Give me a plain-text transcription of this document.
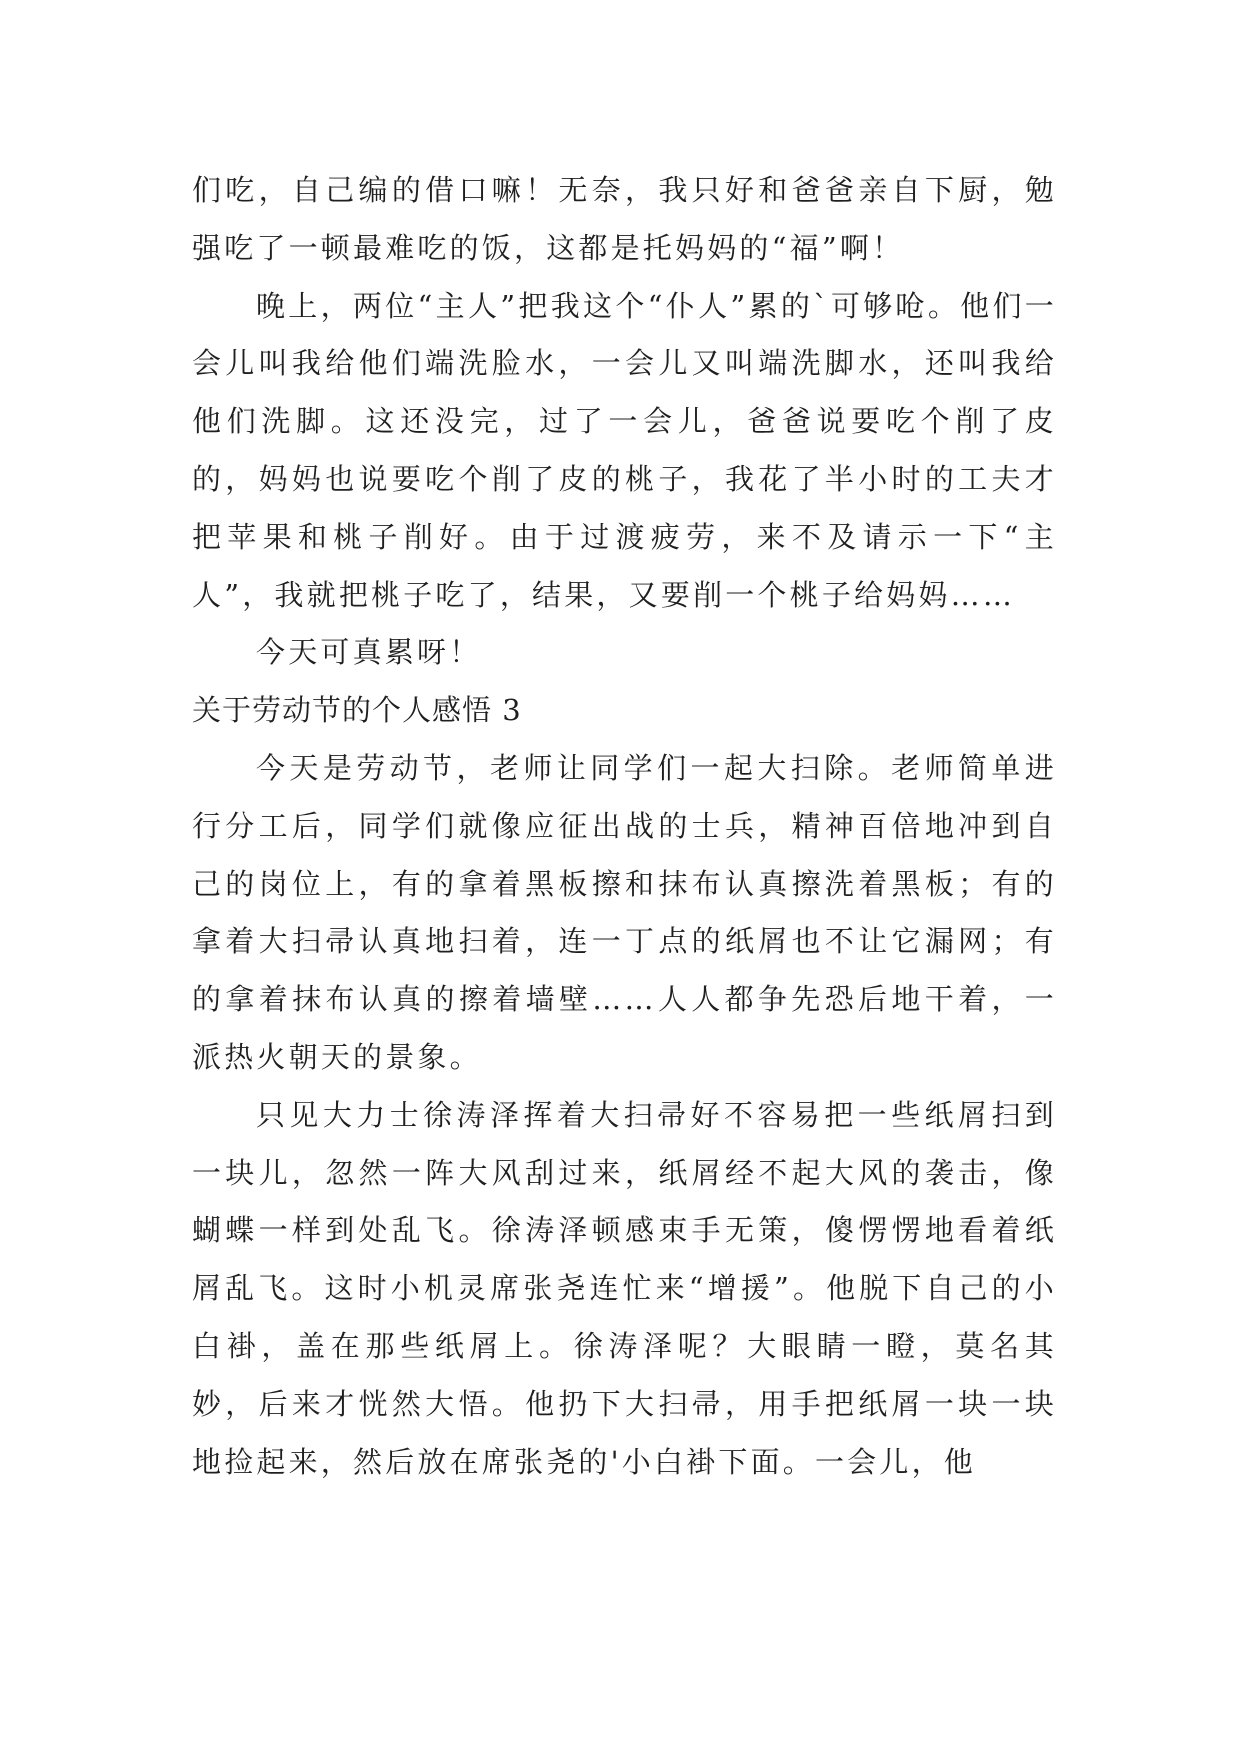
们吃，自己编的借口嘛！无奈，我只好和爸爸亲自下厨，勉强吃了一顿最难吃的饭，这都是托妈妈的“福”啊！

晚上，两位“主人”把我这个“仆人”累的`可够呛。他们一会儿叫我给他们端洗脸水，一会儿又叫端洗脚水，还叫我给他们洗脚。这还没完，过了一会儿，爸爸说要吃个削了皮的，妈妈也说要吃个削了皮的桃子，我花了半小时的工夫才把苹果和桃子削好。由于过渡疲劳，来不及请示一下“主人”，我就把桃子吃了，结果，又要削一个桃子给妈妈……

今天可真累呀！

关于劳动节的个人感悟 3

今天是劳动节，老师让同学们一起大扫除。老师简单进行分工后，同学们就像应征出战的士兵，精神百倍地冲到自己的岗位上，有的拿着黑板擦和抹布认真擦洗着黑板；有的拿着大扫帚认真地扫着，连一丁点的纸屑也不让它漏网；有的拿着抹布认真的擦着墙壁……人人都争先恐后地干着，一派热火朝天的景象。

只见大力士徐涛泽挥着大扫帚好不容易把一些纸屑扫到一块儿，忽然一阵大风刮过来，纸屑经不起大风的袭击，像蝴蝶一样到处乱飞。徐涛泽顿感束手无策，傻愣愣地看着纸屑乱飞。这时小机灵席张尧连忙来“增援”。他脱下自己的小白褂，盖在那些纸屑上。徐涛泽呢？大眼睛一瞪，莫名其妙，后来才恍然大悟。他扔下大扫帚，用手把纸屑一块一块地捡起来，然后放在席张尧的'小白褂下面。一会儿，他
